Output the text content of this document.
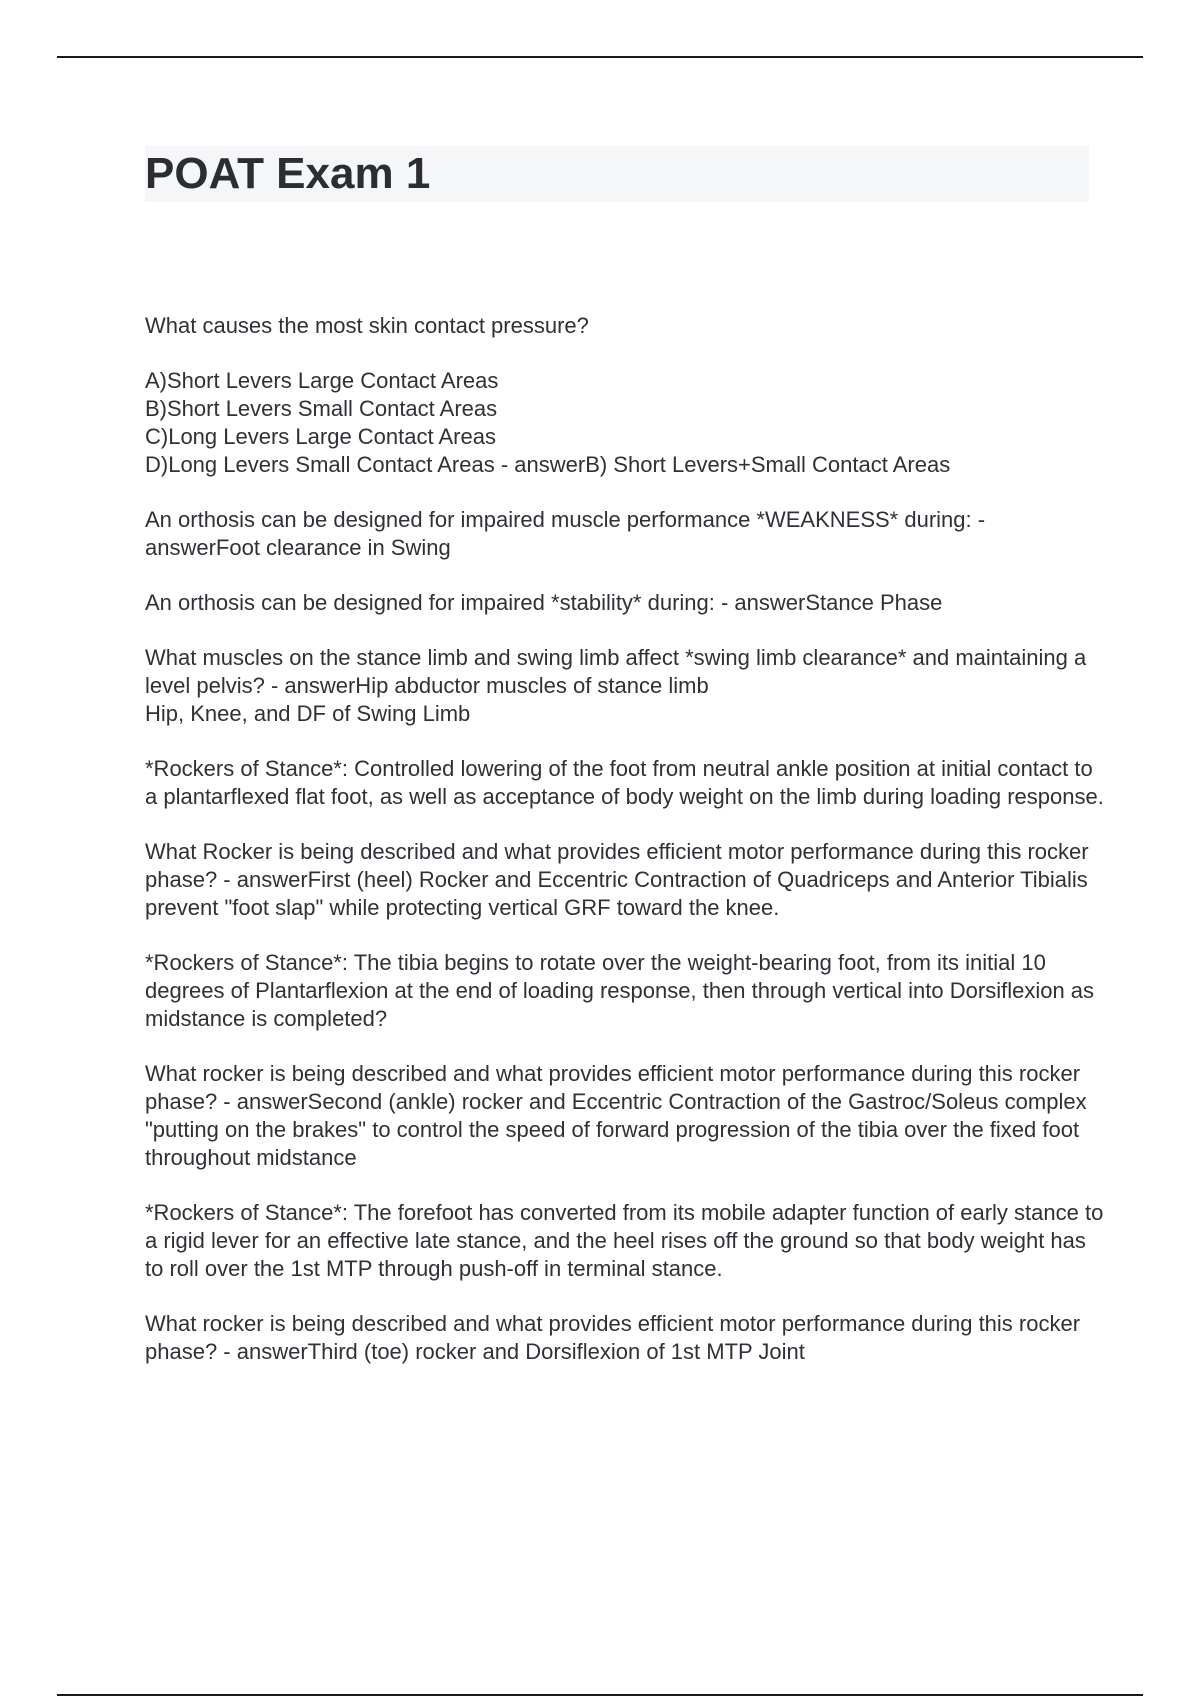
POAT Exam 1

What causes the most skin contact pressure?

A)Short Levers Large Contact Areas
B)Short Levers Small Contact Areas
C)Long Levers Large Contact Areas
D)Long Levers Small Contact Areas - answerB) Short Levers+Small Contact Areas

An orthosis can be designed for impaired muscle performance *WEAKNESS* during: - answerFoot clearance in Swing

An orthosis can be designed for impaired *stability* during: - answerStance Phase

What muscles on the stance limb and swing limb affect *swing limb clearance* and maintaining a level pelvis? - answerHip abductor muscles of stance limb
Hip, Knee, and DF of Swing Limb

*Rockers of Stance*: Controlled lowering of the foot from neutral ankle position at initial contact to a plantarflexed flat foot, as well as acceptance of body weight on the limb during loading response.

What Rocker is being described and what provides efficient motor performance during this rocker phase? - answerFirst (heel) Rocker and Eccentric Contraction of Quadriceps and Anterior Tibialis prevent "foot slap" while protecting vertical GRF toward the knee.

*Rockers of Stance*: The tibia begins to rotate over the weight-bearing foot, from its initial 10 degrees of Plantarflexion at the end of loading response, then through vertical into Dorsiflexion as midstance is completed?

What rocker is being described and what provides efficient motor performance during this rocker phase? - answerSecond (ankle) rocker and Eccentric Contraction of the Gastroc/Soleus complex "putting on the brakes" to control the speed of forward progression of the tibia over the fixed foot throughout midstance

*Rockers of Stance*: The forefoot has converted from its mobile adapter function of early stance to a rigid lever for an effective late stance, and the heel rises off the ground so that body weight has to roll over the 1st MTP through push-off in terminal stance.

What rocker is being described and what provides efficient motor performance during this rocker phase? - answerThird (toe) rocker and Dorsiflexion of 1st MTP Joint
